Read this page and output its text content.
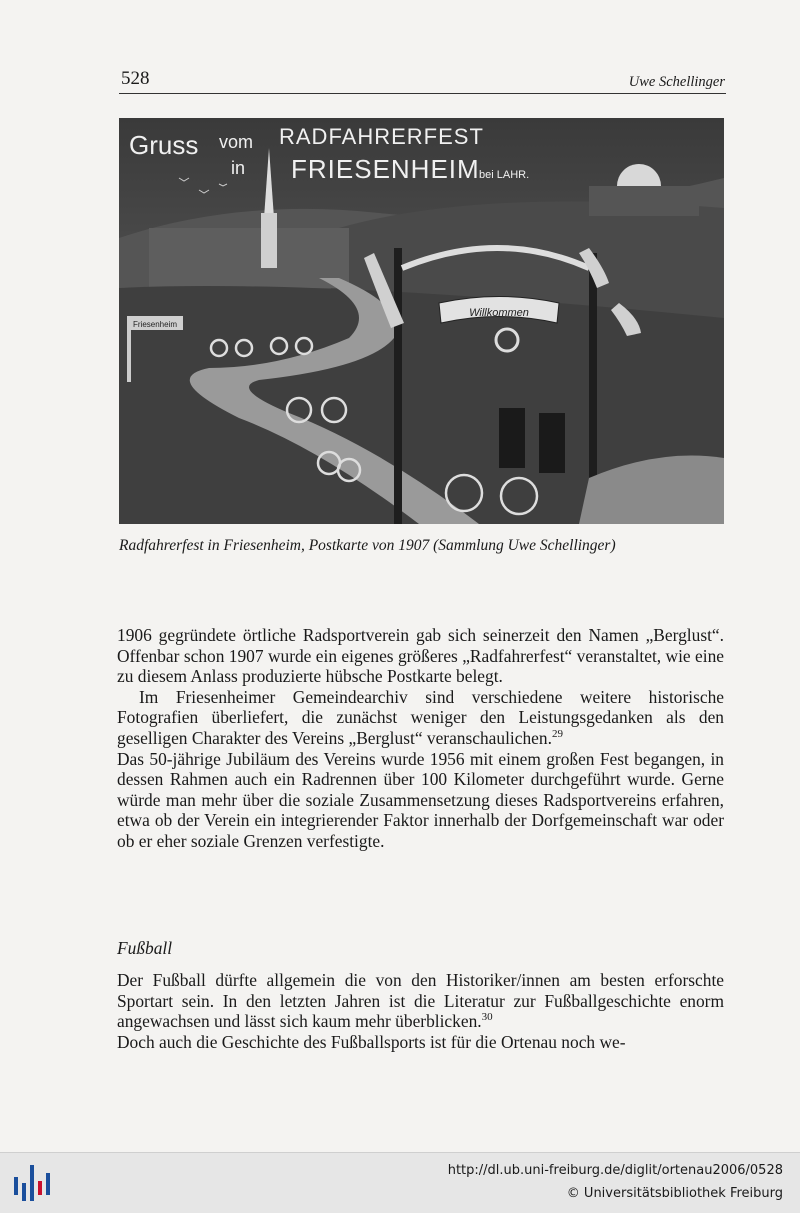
528	Uwe Schellinger
Friesenheim
Willkommen
Gruss vom RADFAHRERFEST
in FRIESENHEIM bei LAHR.
Radfahrerfest in Friesenheim, Postkarte von 1907 (Sammlung Uwe Schellinger)

1906 gegründete örtliche Radsportverein gab sich seinerzeit den Namen „Berglust“. Offenbar schon 1907 wurde ein eigenes größeres „Radfahrerfest“ veranstaltet, wie eine zu diesem Anlass produzierte hübsche Postkarte belegt.

Im Friesenheimer Gemeindearchiv sind verschiedene weitere historische Fotografien überliefert, die zunächst weniger den Leistungsgedanken als den geselligen Charakter des Vereins „Berglust“ veranschaulichen.$^{29}$

Das 50-jährige Jubiläum des Vereins wurde 1956 mit einem großen Fest begangen, in dessen Rahmen auch ein Radrennen über 100 Kilometer durchgeführt wurde. Gerne würde man mehr über die soziale Zusammensetzung dieses Radsportvereins erfahren, etwa ob der Verein ein integrierender Faktor innerhalb der Dorfgemeinschaft war oder ob er eher soziale Grenzen verfestigte.

Fußball

Der Fußball dürfte allgemein die von den Historiker/innen am besten erforschte Sportart sein. In den letzten Jahren ist die Literatur zur Fußballgeschichte enorm angewachsen und lässt sich kaum mehr überblicken.$^{30}$

Doch auch die Geschichte des Fußballsports ist für die Ortenau noch we-

http://dl.ub.uni-freiburg.de/diglit/ortenau2006/0528
© Universitätsbibliothek Freiburg
